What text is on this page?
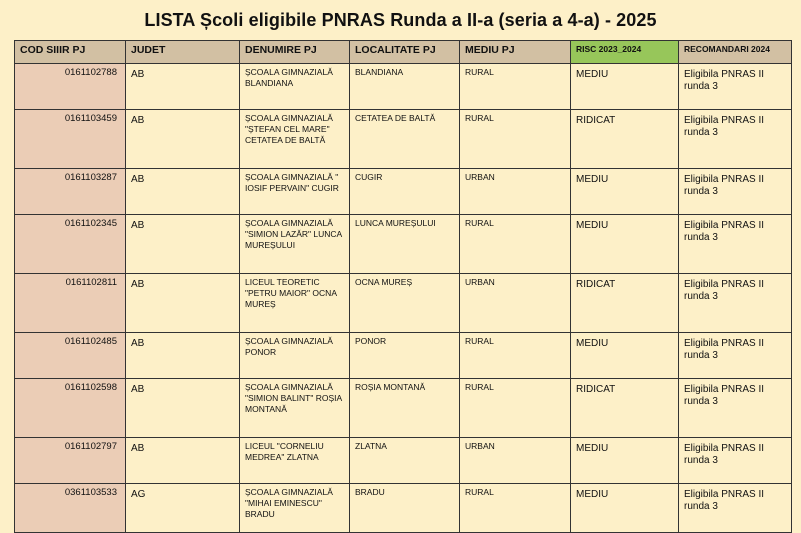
LISTA Școli eligibile PNRAS Runda a II-a (seria a 4-a) - 2025
COD SIIIR PJ	JUDET	DENUMIRE PJ	LOCALITATE PJ	MEDIU PJ	RISC 2023_2024	RECOMANDARI 2024
0161102788	AB	ȘCOALA GIMNAZIALĂ BLANDIANA	BLANDIANA	RURAL	MEDIU	Eligibila PNRAS II runda 3
0161103459	AB	ȘCOALA GIMNAZIALĂ "ȘTEFAN CEL MARE" CETATEA DE BALTĂ	CETATEA DE BALTĂ	RURAL	RIDICAT	Eligibila PNRAS II runda 3
0161103287	AB	ȘCOALA GIMNAZIALĂ " IOSIF PERVAIN" CUGIR	CUGIR	URBAN	MEDIU	Eligibila PNRAS II runda 3
0161102345	AB	ȘCOALA GIMNAZIALĂ "SIMION LAZĂR" LUNCA MUREȘULUI	LUNCA MUREȘULUI	RURAL	MEDIU	Eligibila PNRAS II runda 3
0161102811	AB	LICEUL TEORETIC "PETRU MAIOR" OCNA MUREȘ	OCNA MUREȘ	URBAN	RIDICAT	Eligibila PNRAS II runda 3
0161102485	AB	ȘCOALA GIMNAZIALĂ PONOR	PONOR	RURAL	MEDIU	Eligibila PNRAS II runda 3
0161102598	AB	ȘCOALA GIMNAZIALĂ "SIMION BALINT" ROȘIA MONTANĂ	ROȘIA MONTANĂ	RURAL	RIDICAT	Eligibila PNRAS II runda 3
0161102797	AB	LICEUL "CORNELIU MEDREA" ZLATNA	ZLATNA	URBAN	MEDIU	Eligibila PNRAS II runda 3
0361103533	AG	ȘCOALA GIMNAZIALĂ "MIHAI EMINESCU" BRADU	BRADU	RURAL	MEDIU	Eligibila PNRAS II runda 3
